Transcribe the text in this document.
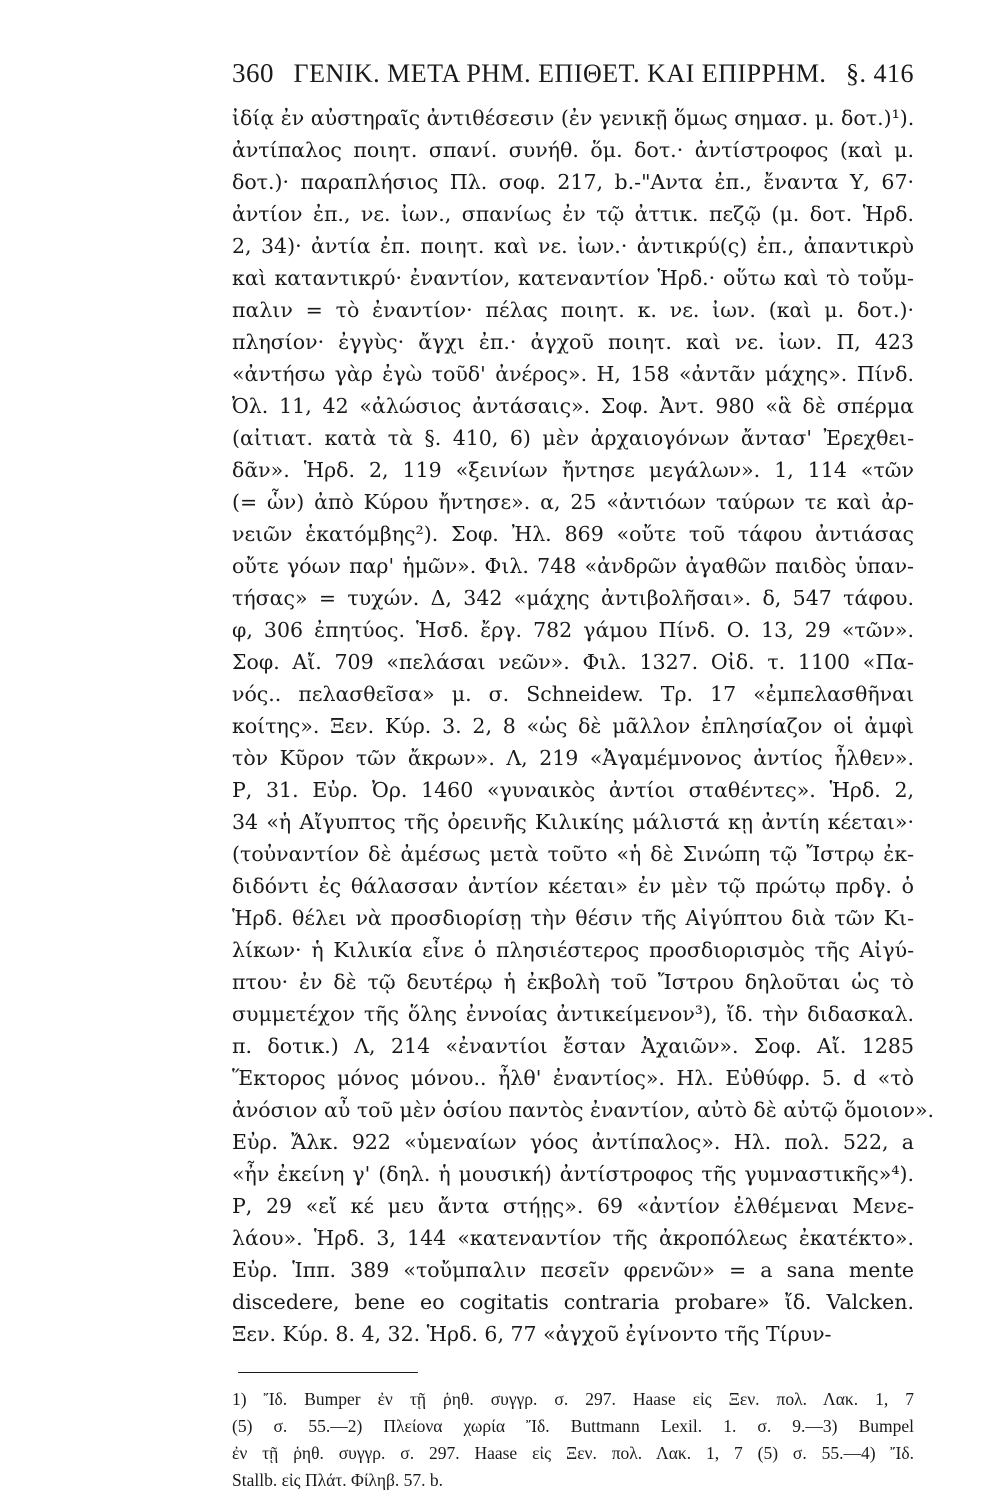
360 ΓΕΝΙΚ. ΜΕΤΑ ΡΗΜ. ΕΠΙΘΕΤ. ΚΑΙ ΕΠΙΡΡΗΜ. §. 416
ἰδίᾳ ἐν αὐστηραῖς ἀντιθέσεσιν (ἐν γενικῇ ὅμως σημασ. μ. δοτ.)¹).
ἀντίπαλος ποιητ. σπανί. συνήθ. ὅμ. δοτ.· ἀντίστροφος (καὶ μ.
δοτ.)· παραπλήσιος Πλ. σοφ. 217, b.-"Αντα ἐπ., ἔναντα Υ, 67·
ἀντίον ἐπ., νε. ἰων., σπανίως ἐν τῷ ἀττικ. πεζῷ (μ. δοτ. Ἡρδ.
2, 34)· ἀντία ἐπ. ποιητ. καὶ νε. ἰων.· ἀντικρύ(ς) ἐπ., ἀπαντικρὺ
καὶ καταντικρύ· ἐναντίον, κατεναντίον Ἡρδ.· οὕτω καὶ τὸ τοὔμ-
παλιν = τὸ ἐναντίον· πέλας ποιητ. κ. νε. ἰων. (καὶ μ. δοτ.)·
πλησίον· ἐγγὺς· ἄγχι ἐπ.· ἀγχοῦ ποιητ. καὶ νε. ἰων. Π, 423
«ἀντήσω γὰρ ἐγὼ τοῦδ' ἀνέρος». Η, 158 «ἀντᾶν μάχης». Πίνδ.
Ὀλ. 11, 42 «ἀλώσιος ἀντάσαις». Σοφ. Ἀντ. 980 «ἃ δὲ σπέρμα
(αἰτιατ. κατὰ τὰ §. 410, 6) μὲν ἀρχαιογόνων ἄντασ' Ἐρεχθει-
δᾶν». Ἡρδ. 2, 119 «ξεινίων ἤντησε μεγάλων». 1, 114 «τῶν
(= ὧν) ἀπὸ Κύρου ἤντησε». α, 25 «ἀντιόων ταύρων τε καὶ ἀρ-
νειῶν ἑκατόμβης²). Σοφ. Ἠλ. 869 «οὔτε τοῦ τάφου ἀντιάσας
οὔτε γόων παρ' ἡμῶν». Φιλ. 748 «ἀνδρῶν ἀγαθῶν παιδὸς ὑπαν-
τήσας» = τυχών. Δ, 342 «μάχης ἀντιβολῆσαι». δ, 547 τάφου.
φ, 306 ἐπητύος. Ἡσδ. ἔργ. 782 γάμου Πίνδ. Ο. 13, 29 «τῶν».
Σοφ. Αἴ. 709 «πελάσαι νεῶν». Φιλ. 1327. Οἰδ. τ. 1100 «Πα-
νός.. πελασθεῖσα» μ. σ. Schneidew. Τρ. 17 «ἐμπελασθῆναι
κοίτης». Ξεν. Κύρ. 3. 2, 8 «ὡς δὲ μᾶλλον ἐπλησίαζον οἱ ἀμφὶ
τὸν Κῦρον τῶν ἄκρων». Λ, 219 «Ἀγαμέμνονος ἀντίος ἦλθεν».
Ρ, 31. Εὐρ. Ὀρ. 1460 «γυναικὸς ἀντίοι σταθέντες». Ἡρδ. 2,
34 «ἡ Αἴγυπτος τῆς ὀρεινῆς Κιλικίης μάλιστά κῃ ἀντίη κέεται»·
(τοὐναντίον δὲ ἀμέσως μετὰ τοῦτο «ἡ δὲ Σινώπη τῷ Ἴστρῳ ἐκ-
διδόντι ἐς θάλασσαν ἀντίον κέεται» ἐν μὲν τῷ πρώτῳ πρδγ. ὁ
Ἡρδ. θέλει νὰ προσδιορίσῃ τὴν θέσιν τῆς Αἰγύπτου διὰ τῶν Κι-
λίκων· ἡ Κιλικία εἶνε ὁ πλησιέστερος προσδιορισμὸς τῆς Αἰγύ-
πτου· ἐν δὲ τῷ δευτέρῳ ἡ ἐκβολὴ τοῦ Ἴστρου δηλοῦται ὡς τὸ
συμμετέχον τῆς ὅλης ἐννοίας ἀντικείμενον³), ἴδ. τὴν διδασκαλ.
π. δοτικ.) Λ, 214 «ἐναντίοι ἔσταν Ἀχαιῶν». Σοφ. Αἴ. 1285
Ἕκτορος μόνος μόνου.. ἦλθ' ἐναντίος». Ηλ. Εὐθύφρ. 5. d «τὸ
ἀνόσιον αὖ τοῦ μὲν ὁσίου παντὸς ἐναντίον, αὐτὸ δὲ αὐτῷ ὅμοιον».
Εὐρ. Ἄλκ. 922 «ὑμεναίων γόος ἀντίπαλος». Ηλ. πολ. 522, a
«ἦν ἐκείνη γ' (δηλ. ἡ μουσική) ἀντίστροφος τῆς γυμναστικῆς»⁴).
Ρ, 29 «εἴ κέ μευ ἄντα στήῃς». 69 «ἀντίον ἐλθέμεναι Μενε-
λάου». Ἡρδ. 3, 144 «κατεναντίον τῆς ἀκροπόλεως ἐκατέκτο».
Εὐρ. Ἱππ. 389 «τοὔμπαλιν πεσεῖν φρενῶν» = a sana mente
discedere, bene eo cogitatis contraria probare» ἴδ. Valcken.
Ξεν. Κύρ. 8. 4, 32. Ἡρδ. 6, 77 «ἀγχοῦ ἐγίνοντο τῆς Τίρυν-
1) Ἴδ. Bumper ἐν τῇ ῥηθ. συγγρ. σ. 297. Haase εἰς Ξεν. πολ. Λακ. 1, 7
(5) σ. 55.—2) Πλείονα χωρία Ἴδ. Buttmann Lexil. 1. σ. 9.—3) Bumpel
ἐν τῇ ῥηθ. συγγρ. σ. 297. Haase εἰς Ξεν. πολ. Λακ. 1, 7 (5) σ. 55.—4) Ἴδ.
Stallb. εἰς Πλάτ. Φίληβ. 57. b.
